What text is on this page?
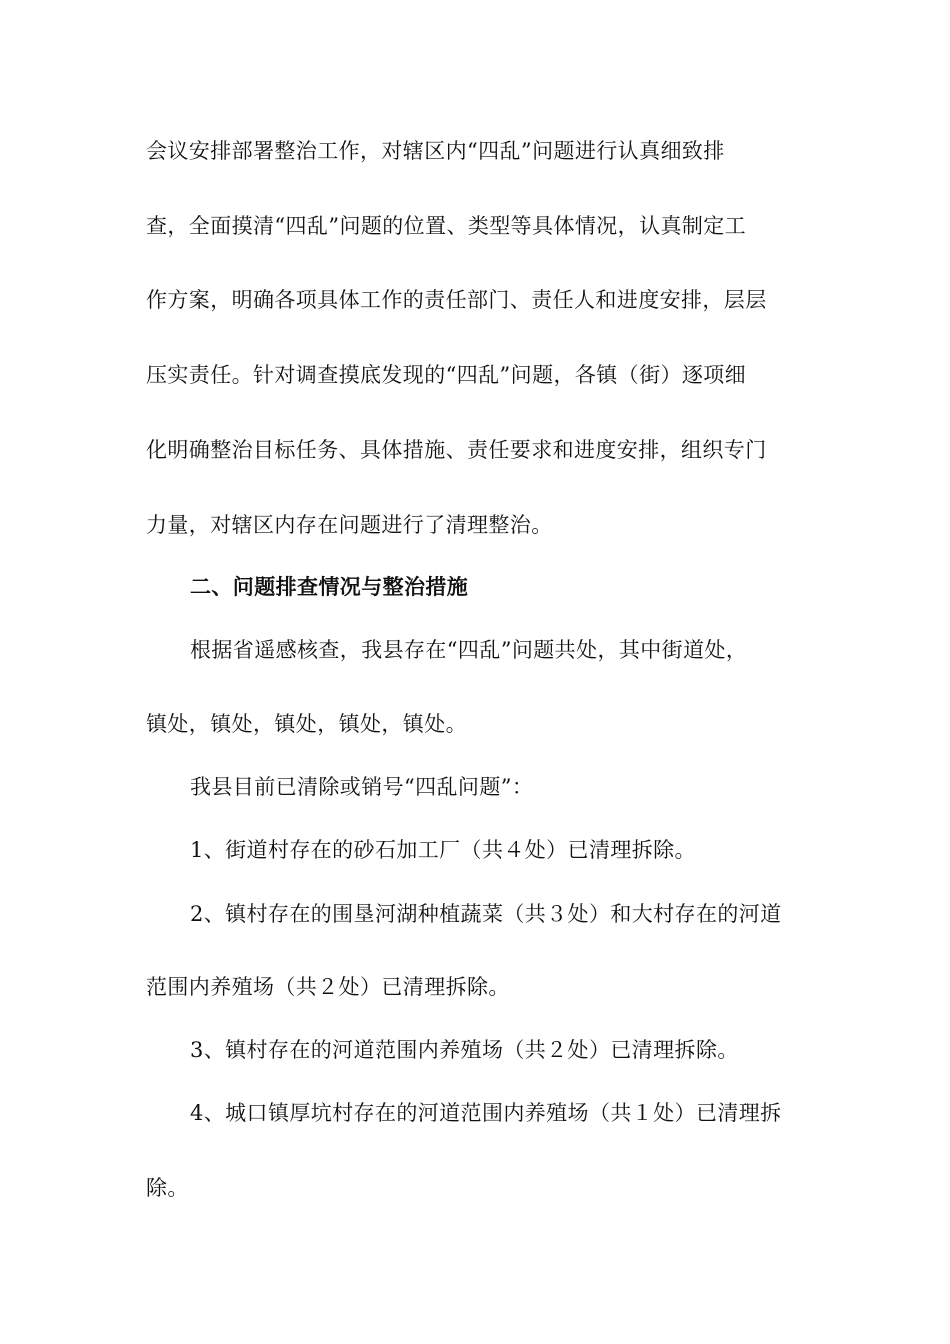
会议安排部署整治工作，对辖区内“四乱”问题进行认真细致排
查，全面摸清“四乱”问题的位置、类型等具体情况，认真制定工
作方案，明确各项具体工作的责任部门、责任人和进度安排，层层
压实责任。针对调查摸底发现的“四乱”问题，各镇（街）逐项细
化明确整治目标任务、具体措施、责任要求和进度安排，组织专门
力量，对辖区内存在问题进行了清理整治。
二、问题排查情况与整治措施
根据省遥感核查，我县存在“四乱”问题共处，其中街道处，
镇处，镇处，镇处，镇处，镇处。
我县目前已清除或销号“四乱问题”：
1、街道村存在的砂石加工厂（共４处）已清理拆除。
2、镇村存在的围垦河湖种植蔬菜（共３处）和大村存在的河道
范围内养殖场（共２处）已清理拆除。
3、镇村存在的河道范围内养殖场（共２处）已清理拆除。
4、城口镇厚坑村存在的河道范围内养殖场（共１处）已清理拆
除。
